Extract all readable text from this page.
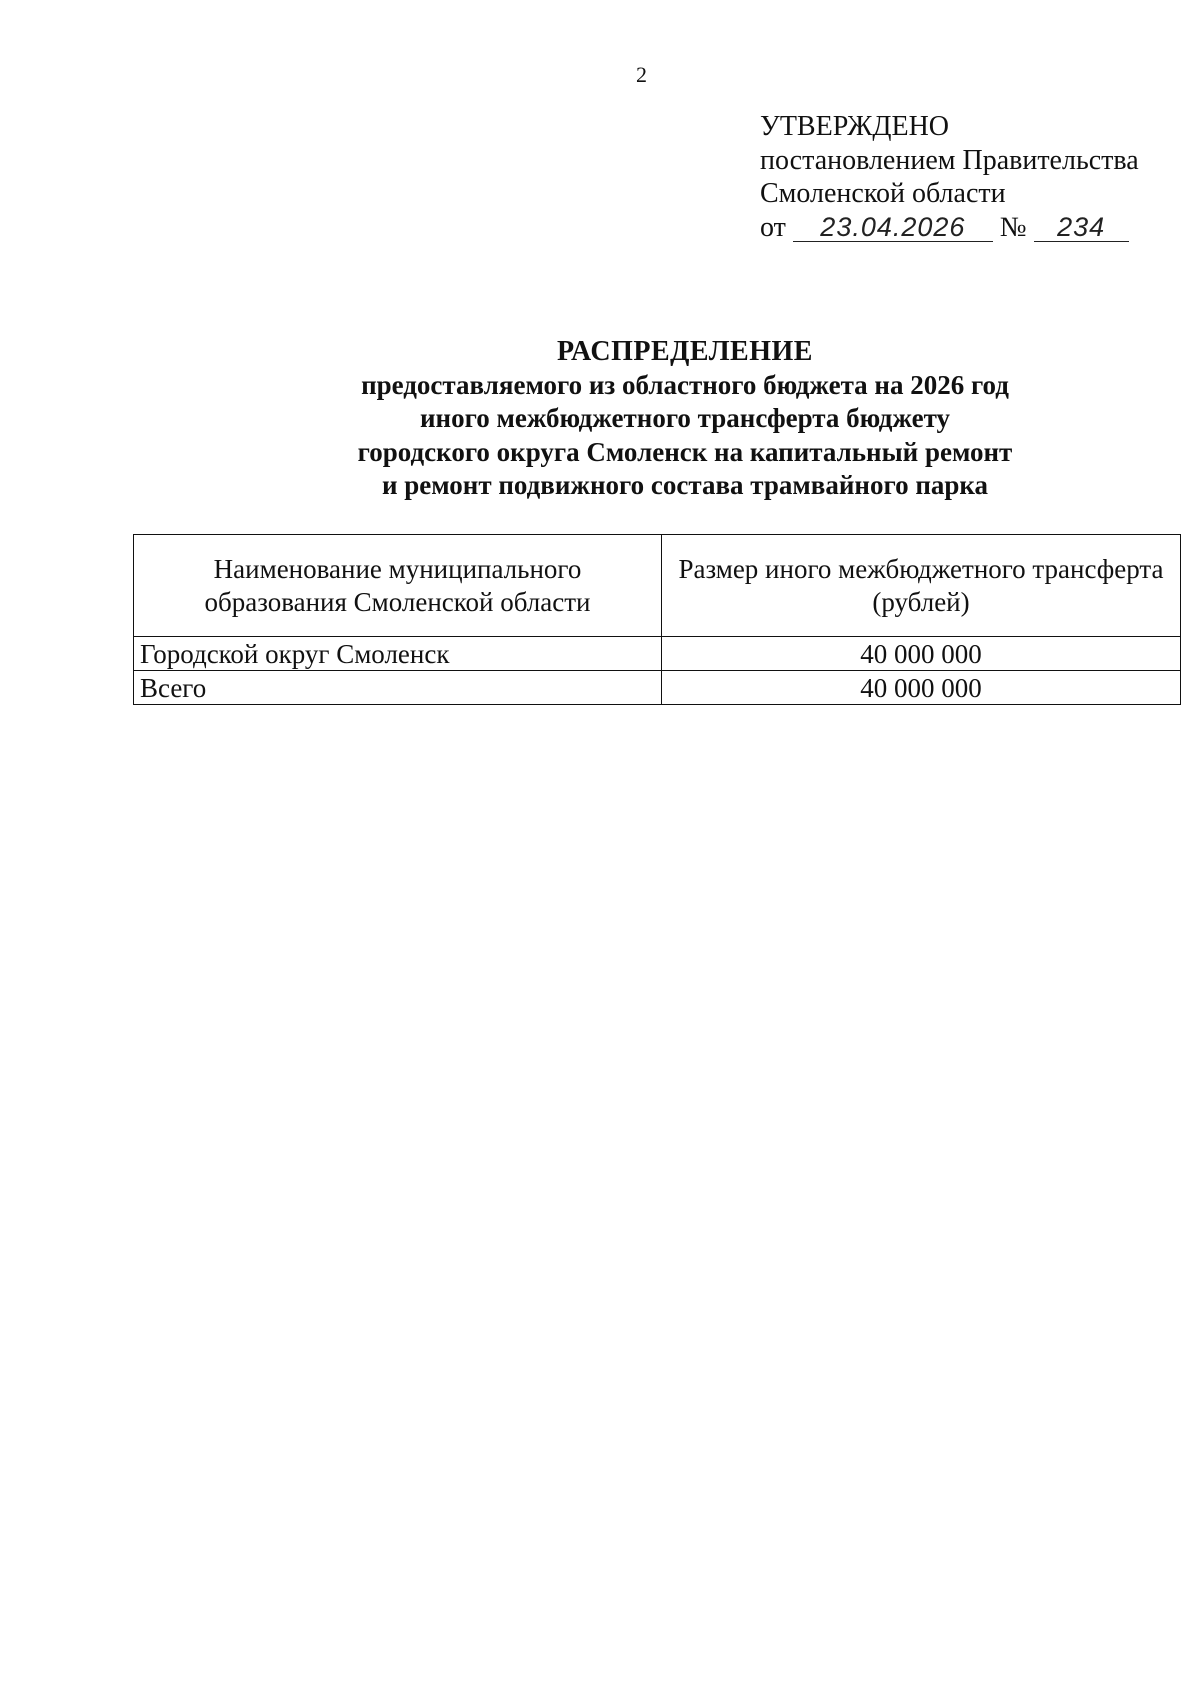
2
УТВЕРЖДЕНО
постановлением Правительства
Смоленской области
от 23.04.2026 № 234
РАСПРЕДЕЛЕНИЕ
предоставляемого из областного бюджета на 2026 год
иного межбюджетного трансферта бюджету
городского округа Смоленск на капитальный ремонт
и ремонт подвижного состава трамвайного парка
Наименование муниципального образования Смоленской области	Размер иного межбюджетного трансферта (рублей)
Городской округ Смоленск	40 000 000
Всего	40 000 000
